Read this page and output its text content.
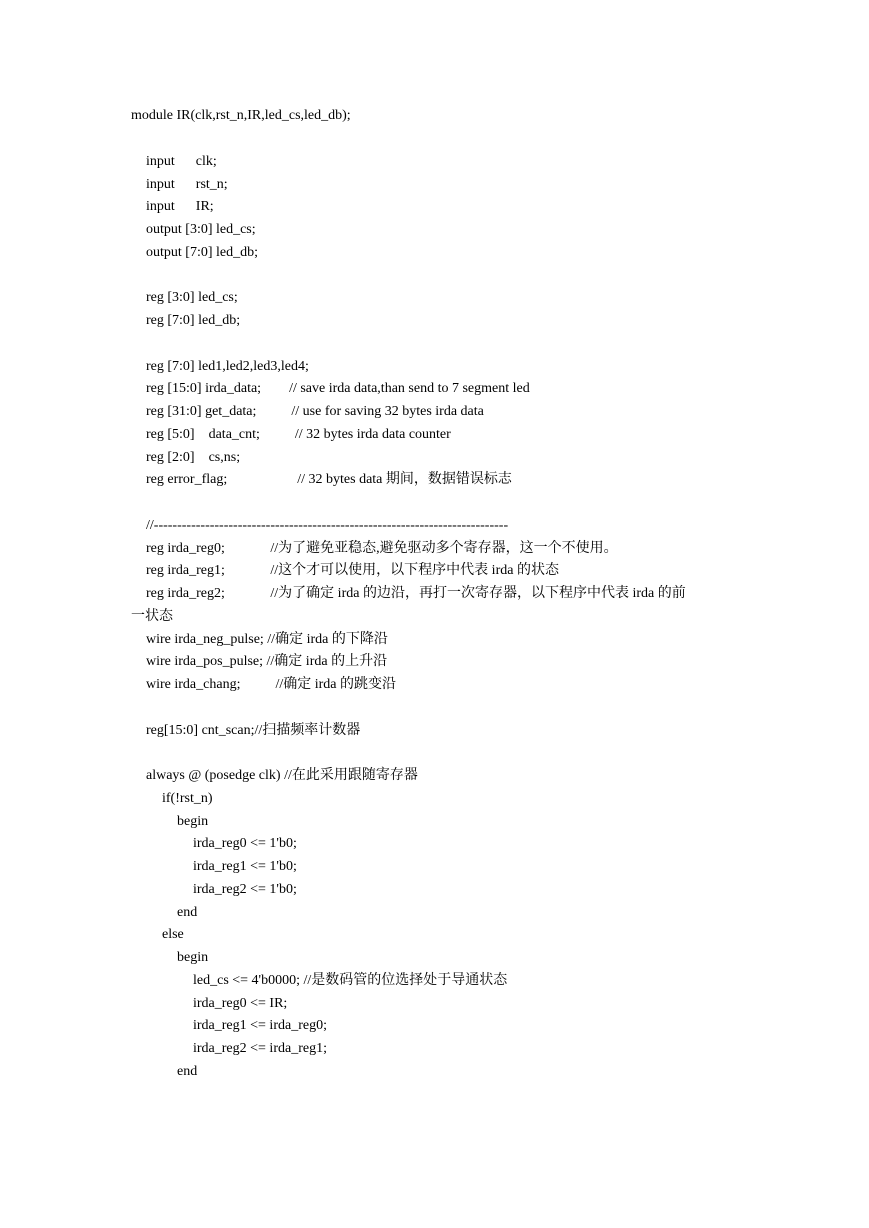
module IR(clk,rst_n,IR,led_cs,led_db);
input      clk;
input      rst_n;
input      IR;
output [3:0] led_cs;
output [7:0] led_db;
reg [3:0] led_cs;
reg [7:0] led_db;
reg [7:0] led1,led2,led3,led4;
reg [15:0] irda_data;        // save irda data,than send to 7 segment led
reg [31:0] get_data;          // use for saving 32 bytes irda data
reg [5:0]    data_cnt;          // 32 bytes irda data counter
reg [2:0]    cs,ns;
reg error_flag;                    // 32 bytes data 期间，数据错误标志
//----------------------------------------------------------------------------
reg irda_reg0;             //为了避免亚稳态,避免驱动多个寄存器，这一个不使用。
reg irda_reg1;             //这个才可以使用，以下程序中代表 irda 的状态
reg irda_reg2;             //为了确定 irda 的边沿，再打一次寄存器，以下程序中代表 irda 的前
一状态
wire irda_neg_pulse; //确定 irda 的下降沿
wire irda_pos_pulse; //确定 irda 的上升沿
wire irda_chang;          //确定 irda 的跳变沿
reg[15:0] cnt_scan;//扫描频率计数器
always @ (posedge clk) //在此采用跟随寄存器
if(!rst_n)
begin
irda_reg0 <= 1'b0;
irda_reg1 <= 1'b0;
irda_reg2 <= 1'b0;
end
else
begin
led_cs <= 4'b0000; //是数码管的位选择处于导通状态
irda_reg0 <= IR;
irda_reg1 <= irda_reg0;
irda_reg2 <= irda_reg1;
end
